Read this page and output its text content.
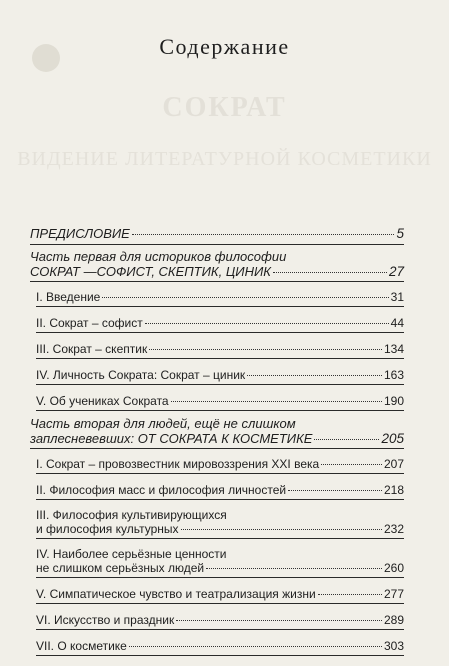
СОКРАТ
ВИДЕНИЕ ЛИТЕРАТУРНОЙ КОСМЕТИКИ
Содержание
ПРЕДИСЛОВИЕ	5
Часть первая для историков философии
СОКРАТ —СОФИСТ, СКЕПТИК, ЦИНИК	27
I. Введение	31
II. Сократ – софист	44
III. Сократ – скептик	134
IV. Личность Сократа: Сократ – циник	163
V. Об учениках Сократа	190
Часть вторая для людей, ещё не слишком
заплесневевших: ОТ СОКРАТА К КОСМЕТИКЕ	205
I. Сократ – провозвестник мировоззрения XXI века	207
II. Философия масс и философия личностей	218
III. Философия культивирующихся
и философия культурных	232
IV. Наиболее серьёзные ценности
не слишком серьёзных людей	260
V. Симпатическое чувство и театрализация жизни	277
VI. Искусство и праздник	289
VII. О косметике	303
